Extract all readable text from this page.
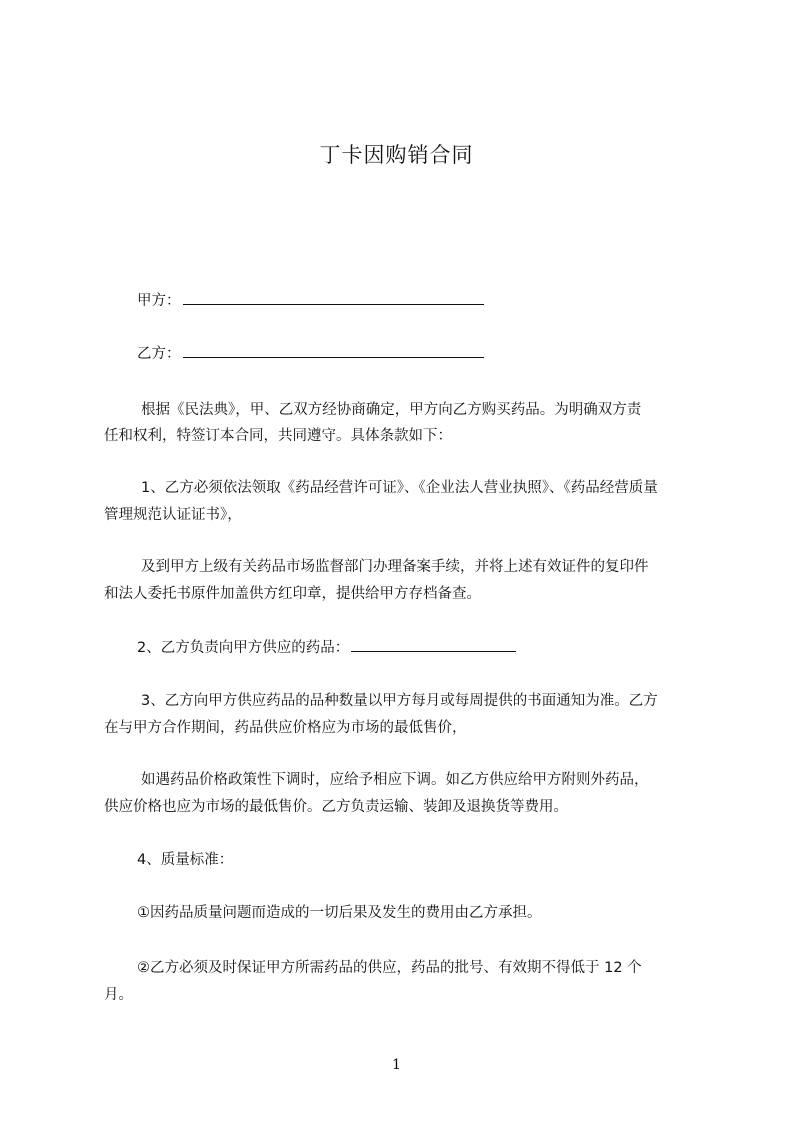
丁卡因购销合同
甲方：
乙方：
根据《民法典》，甲、乙双方经协商确定，甲方向乙方购买药品。为明确双方责
任和权利，特签订本合同，共同遵守。具体条款如下：
1、乙方必须依法领取《药品经营许可证》、《企业法人营业执照》、《药品经营质量
管理规范认证证书》，
及到甲方上级有关药品市场监督部门办理备案手续，并将上述有效证件的复印件
和法人委托书原件加盖供方红印章，提供给甲方存档备查。
2、乙方负责向甲方供应的药品：
3、乙方向甲方供应药品的品种数量以甲方每月或每周提供的书面通知为准。乙方
在与甲方合作期间，药品供应价格应为市场的最低售价，
如遇药品价格政策性下调时，应给予相应下调。如乙方供应给甲方附则外药品，
供应价格也应为市场的最低售价。乙方负责运输、装卸及退换货等费用。
4、质量标准：
①因药品质量问题而造成的一切后果及发生的费用由乙方承担。
②乙方必须及时保证甲方所需药品的供应，药品的批号、有效期不得低于 12 个
月。
1
